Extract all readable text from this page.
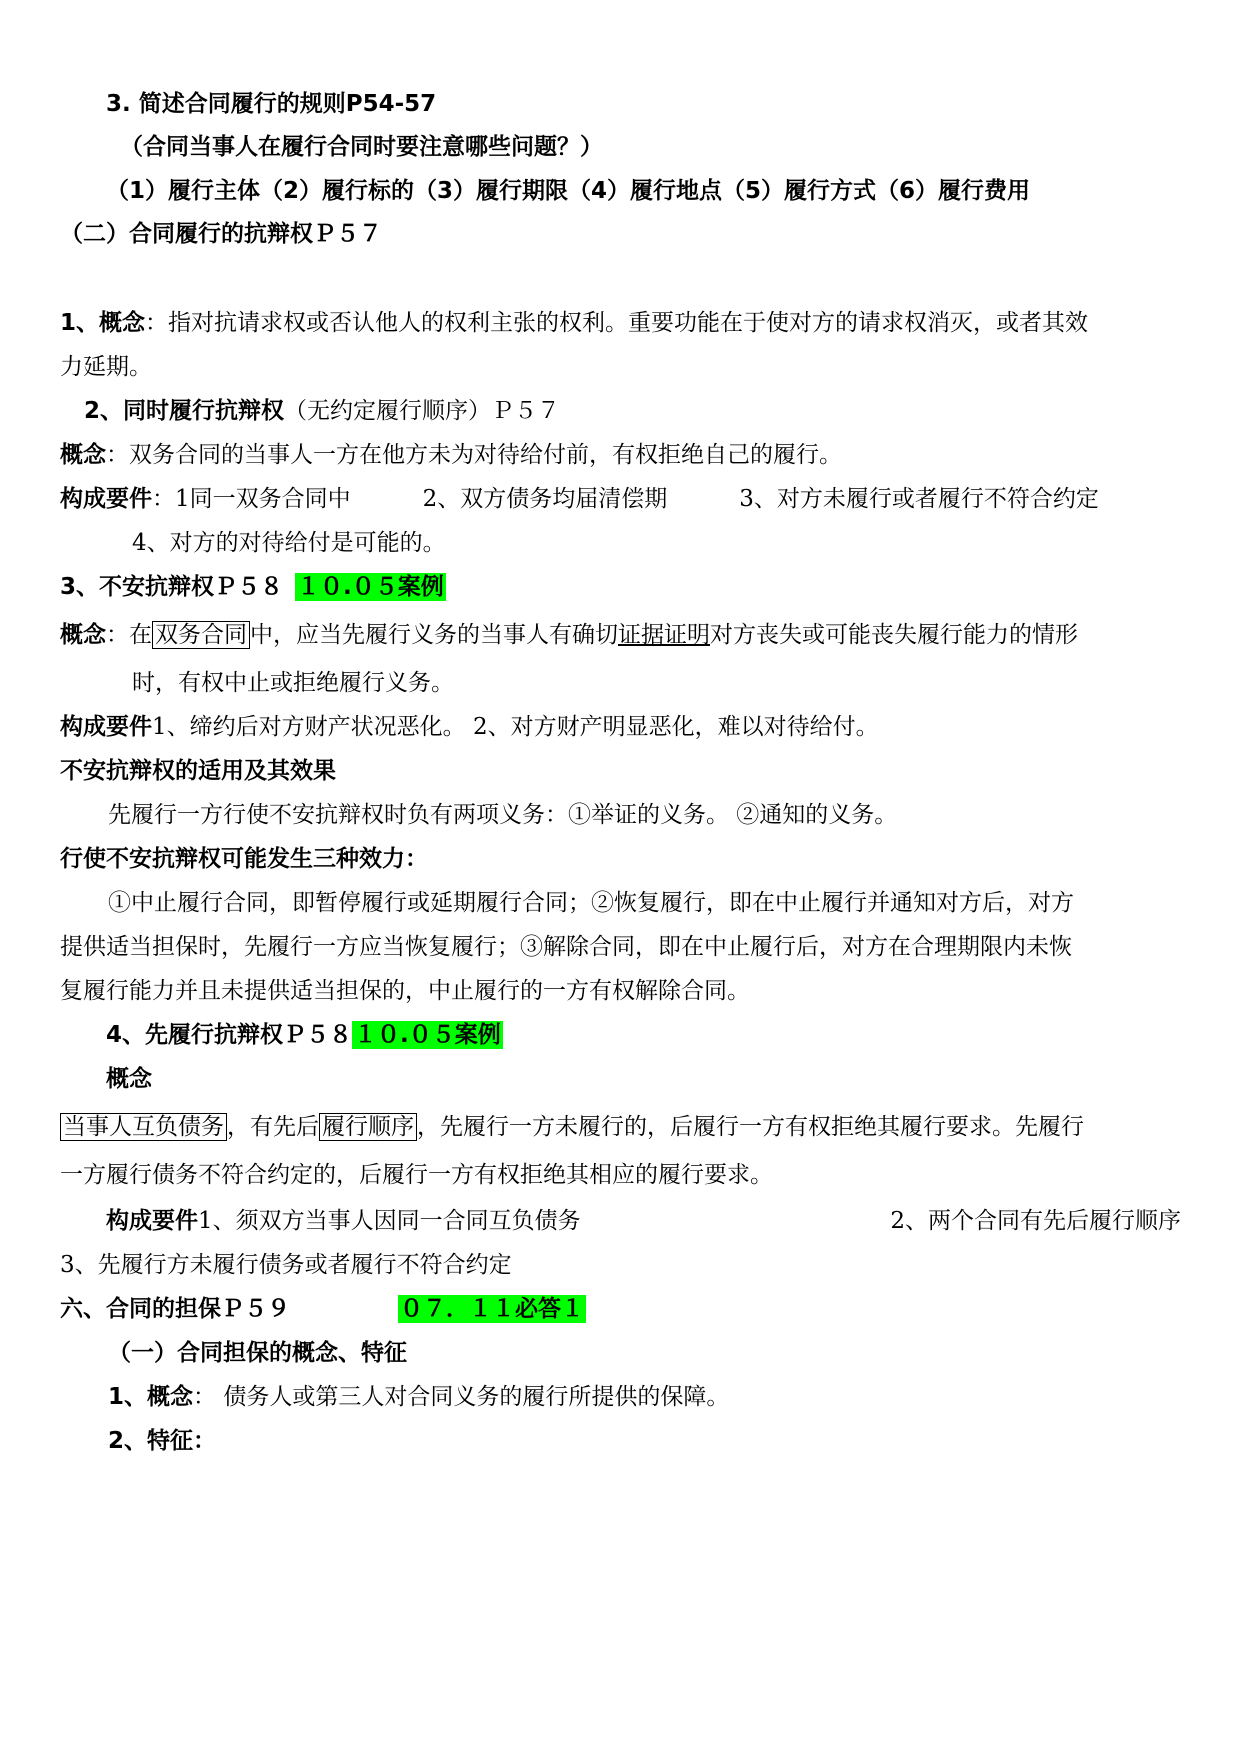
3. 简述合同履行的规则P54-57
（合同当事人在履行合同时要注意哪些问题？）
（1）履行主体（2）履行标的（3）履行期限（4）履行地点（5）履行方式（6）履行费用
（二）合同履行的抗辩权Ｐ５７
1、概念：指对抗请求权或否认他人的权利主张的权利。重要功能在于使对方的请求权消灭，或者其效
力延期。
2、同时履行抗辩权（无约定履行顺序）Ｐ５７
概念：双务合同的当事人一方在他方未为对待给付前，有权拒绝自己的履行。
构成要件：1同一双务合同中	2、双方债务均届清偿期	3、对方未履行或者履行不符合约定
4、对方的对待给付是可能的。
3、不安抗辩权Ｐ５８ １０.０５案例
概念：在 双务合同 中，应当先履行义务的当事人有确切证据证明对方丧失或可能丧失履行能力的情形
时，有权中止或拒绝履行义务。
构成要件1、缔约后对方财产状况恶化。 2、对方财产明显恶化，难以对待给付。
不安抗辩权的适用及其效果
先履行一方行使不安抗辩权时负有两项义务：①举证的义务。 ②通知的义务。
行使不安抗辩权可能发生三种效力：
①中止履行合同，即暂停履行或延期履行合同；②恢复履行，即在中止履行并通知对方后，对方
提供适当担保时，先履行一方应当恢复履行；③解除合同，即在中止履行后，对方在合理期限内未恢
复履行能力并且未提供适当担保的，中止履行的一方有权解除合同。
4、先履行抗辩权Ｐ５８１０.０５案例
概念
当事人互负债务 ，有先后 履行顺序 ，先履行一方未履行的，后履行一方有权拒绝其履行要求。先履行
一方履行债务不符合约定的，后履行一方有权拒绝其相应的履行要求。
构成要件1、须双方当事人因同一合同互负债务	2、两个合同有先后履行顺序
3、先履行方未履行债务或者履行不符合约定
六、合同的担保Ｐ５９	０７．１１必答１
（一）合同担保的概念、特征
1、概念： 债务人或第三人对合同义务的履行所提供的保障。
2、特征：
